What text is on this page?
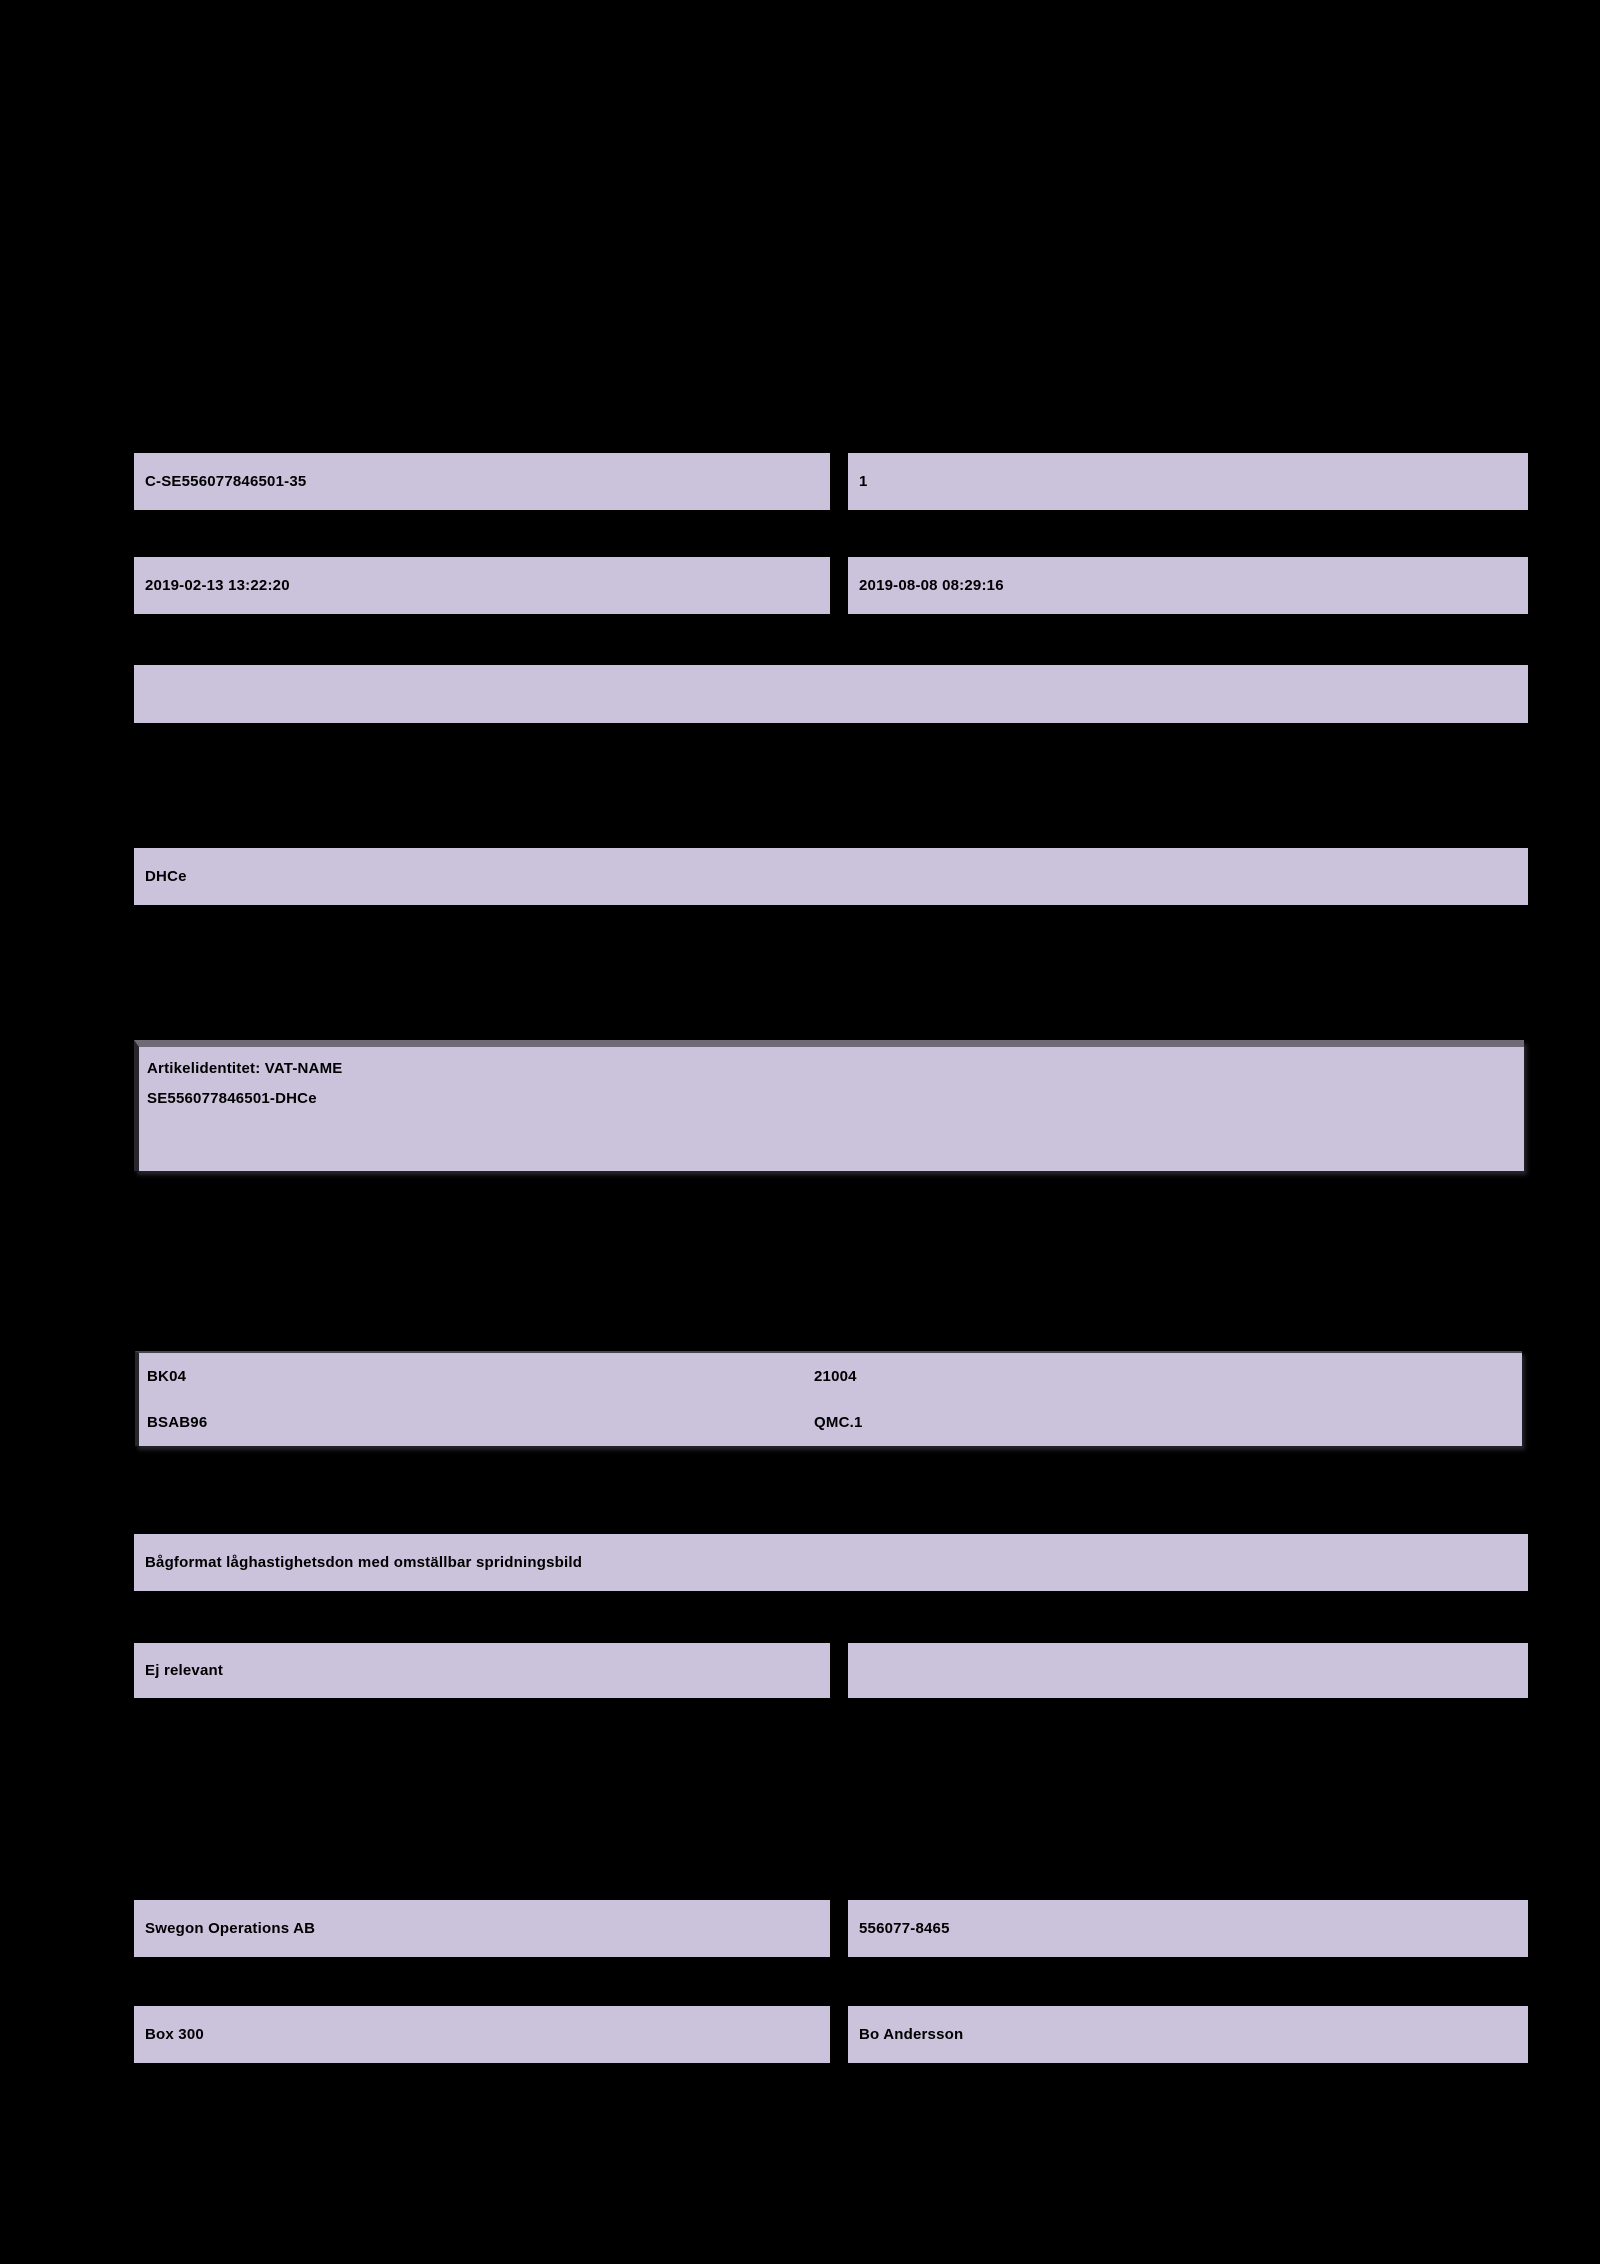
C-SE556077846501-35	1
2019-02-13 13:22:20	2019-08-08 08:29:16
DHCe
Artikelidentitet: VAT-NAME
SE556077846501-DHCe
BK04	21004
BSAB96	QMC.1
Bågformat låghastighetsdon med omställbar spridningsbild
Ej relevant
Swegon Operations AB	556077-8465
Box 300	Bo Andersson
